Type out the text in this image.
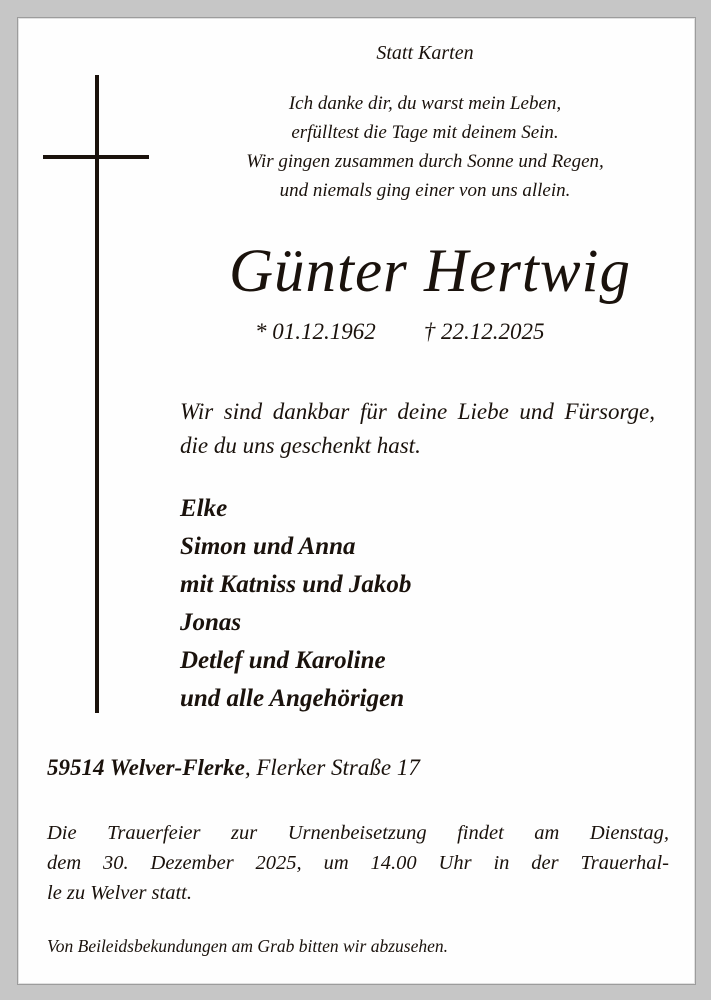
Statt Karten
Ich danke dir, du warst mein Leben,
erfülltest die Tage mit deinem Sein.
Wir gingen zusammen durch Sonne und Regen,
und niemals ging einer von uns allein.
Günter Hertwig
* 01.12.1962 † 22.12.2025
Wir sind dankbar für deine Liebe und Fürsorge, die du uns geschenkt hast.
Elke
Simon und Anna
mit Katniss und Jakob
Jonas
Detlef und Karoline
und alle Angehörigen
59514 Welver-Flerke, Flerker Straße 17
Die Trauerfeier zur Urnenbeisetzung findet am Dienstag,
dem 30. Dezember 2025, um 14.00 Uhr in der Trauerhal-
le zu Welver statt.
Von Beileidsbekundungen am Grab bitten wir abzusehen.
